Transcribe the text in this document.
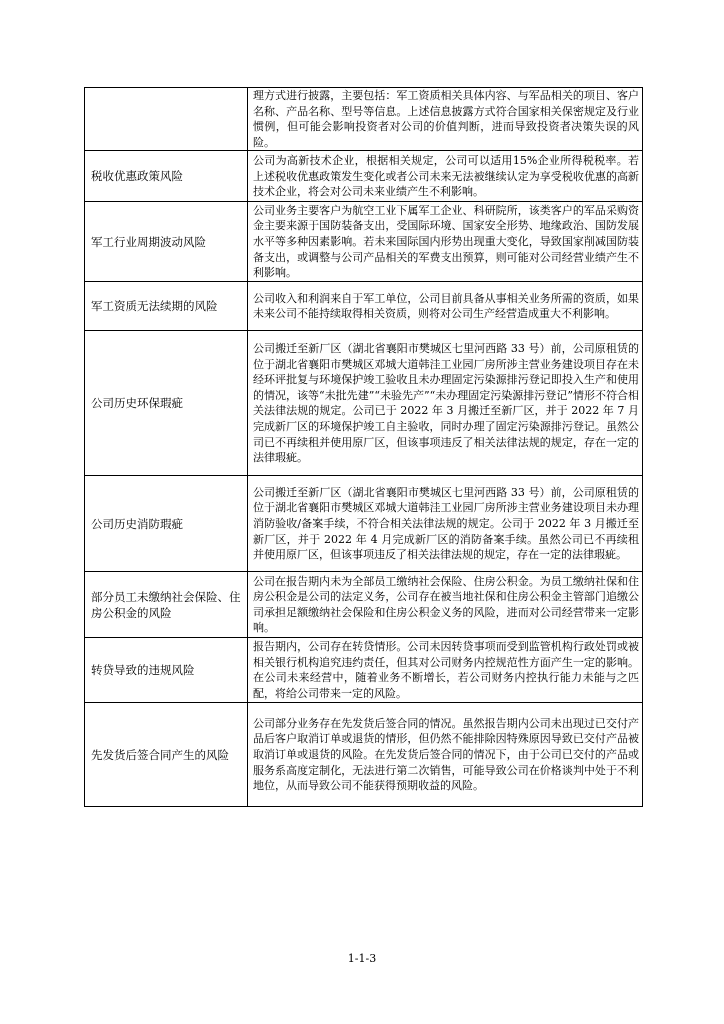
	理方式进行披露，主要包括：军工资质相关具体内容、与军品相关的项目、客户名称、产品名称、型号等信息。上述信息披露方式符合国家相关保密规定及行业惯例，但可能会影响投资者对公司的价值判断，进而导致投资者决策失误的风险。
税收优惠政策风险	公司为高新技术企业，根据相关规定，公司可以适用15%企业所得税税率。若上述税收优惠政策发生变化或者公司未来无法被继续认定为享受税收优惠的高新技术企业，将会对公司未来业绩产生不利影响。
军工行业周期波动风险	公司业务主要客户为航空工业下属军工企业、科研院所，该类客户的军品采购资金主要来源于国防装备支出，受国际环境、国家安全形势、地缘政治、国防发展水平等多种因素影响。若未来国际国内形势出现重大变化，导致国家削减国防装备支出，或调整与公司产品相关的军费支出预算，则可能对公司经营业绩产生不利影响。
军工资质无法续期的风险	公司收入和利润来自于军工单位，公司目前具备从事相关业务所需的资质，如果未来公司不能持续取得相关资质，则将对公司生产经营造成重大不利影响。
公司历史环保瑕疵	公司搬迁至新厂区（湖北省襄阳市樊城区七里河西路 33 号）前，公司原租赁的位于湖北省襄阳市樊城区邓城大道韩洼工业园厂房所涉主营业务建设项目存在未经环评批复与环境保护竣工验收且未办理固定污染源排污登记即投入生产和使用的情况，该等“未批先建”“未验先产”“未办理固定污染源排污登记”情形不符合相关法律法规的规定。公司已于 2022 年 3 月搬迁至新厂区，并于 2022 年 7 月完成新厂区的环境保护竣工自主验收，同时办理了固定污染源排污登记。虽然公司已不再续租并使用原厂区，但该事项违反了相关法律法规的规定，存在一定的法律瑕疵。
公司历史消防瑕疵	公司搬迁至新厂区（湖北省襄阳市樊城区七里河西路 33 号）前，公司原租赁的位于湖北省襄阳市樊城区邓城大道韩洼工业园厂房所涉主营业务建设项目未办理消防验收/备案手续，不符合相关法律法规的规定。公司于 2022 年 3 月搬迁至新厂区，并于 2022 年 4 月完成新厂区的消防备案手续。虽然公司已不再续租并使用原厂区，但该事项违反了相关法律法规的规定，存在一定的法律瑕疵。
部分员工未缴纳社会保险、住房公积金的风险	公司在报告期内未为全部员工缴纳社会保险、住房公积金。为员工缴纳社保和住房公积金是公司的法定义务，公司存在被当地社保和住房公积金主管部门追缴公司承担足额缴纳社会保险和住房公积金义务的风险，进而对公司经营带来一定影响。
转贷导致的违规风险	报告期内，公司存在转贷情形。公司未因转贷事项而受到监管机构行政处罚或被相关银行机构追究违约责任，但其对公司财务内控规范性方面产生一定的影响。在公司未来经营中，随着业务不断增长，若公司财务内控执行能力未能与之匹配，将给公司带来一定的风险。
先发货后签合同产生的风险	公司部分业务存在先发货后签合同的情况。虽然报告期内公司未出现过已交付产品后客户取消订单或退货的情形，但仍然不能排除因特殊原因导致已交付产品被取消订单或退货的风险。在先发货后签合同的情况下，由于公司已交付的产品或服务系高度定制化，无法进行第二次销售，可能导致公司在价格谈判中处于不利地位，从而导致公司不能获得预期收益的风险。
1-1-3
